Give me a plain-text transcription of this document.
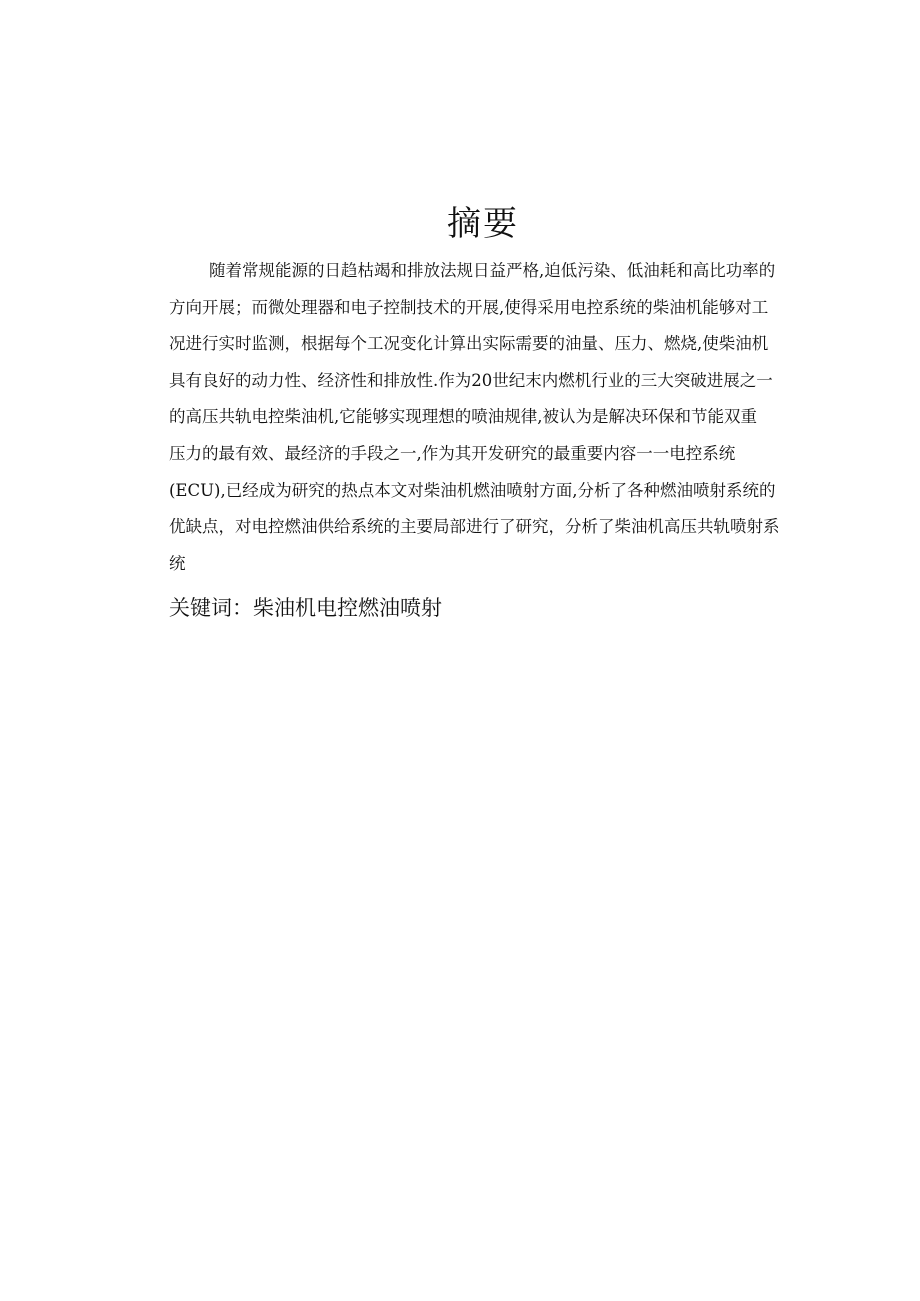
摘要
随着常规能源的日趋枯竭和排放法规日益严格,迫低污染、低油耗和高比功率的
方向开展；而微处理器和电子控制技术的开展,使得采用电控系统的柴油机能够对工
况进行实时监测，根据每个工况变化计算出实际需要的油量、压力、燃烧,使柴油机
具有良好的动力性、经济性和排放性.作为20世纪末内燃机行业的三大突破进展之一
的高压共轨电控柴油机,它能够实现理想的喷油规律,被认为是解决环保和节能双重
压力的最有效、最经济的手段之一,作为其开发研究的最重要内容一一电控系统
(ECU),已经成为研究的热点本文对柴油机燃油喷射方面,分析了各种燃油喷射系统的
优缺点，对电控燃油供给系统的主要局部进行了研究，分析了柴油机高压共轨喷射系
统
关键词：柴油机电控燃油喷射
